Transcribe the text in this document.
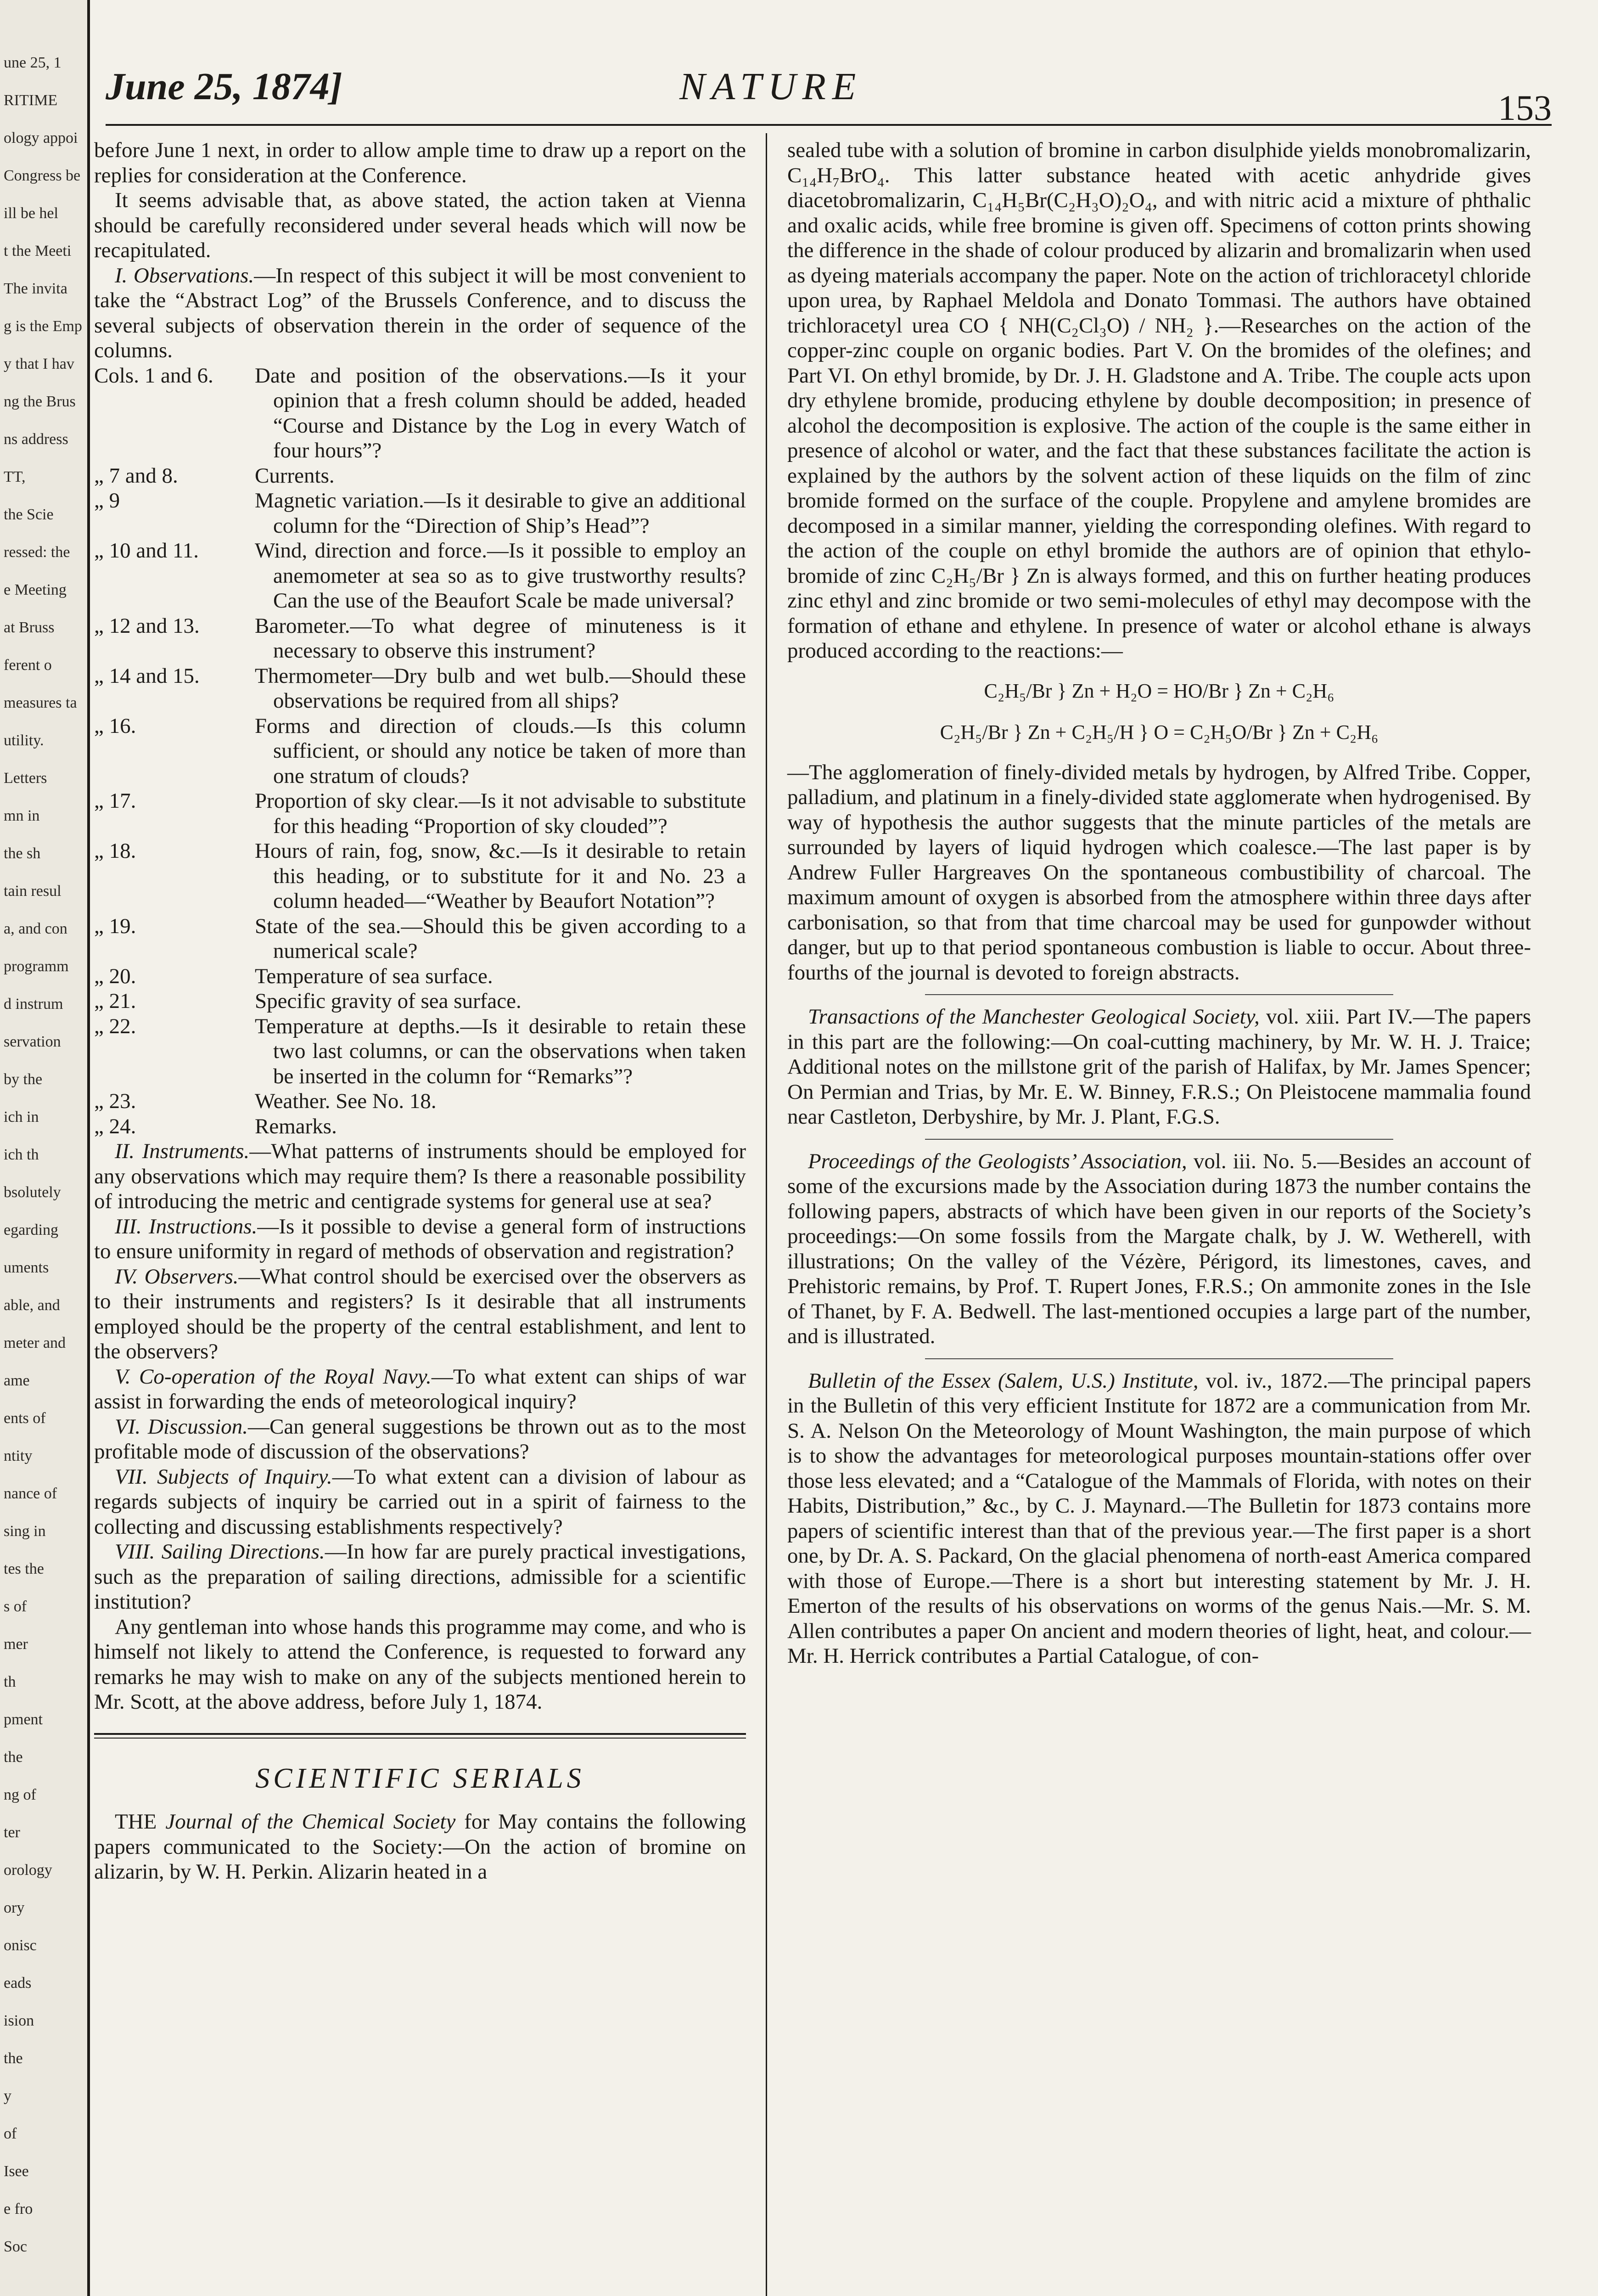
une 25, 1
RITIME
ology appoi
Congress be
ill be hel
t the Meeti
The invita
g is the Emp
y that I hav
ng the Brus
ns address
TT,
the Scie
ressed: the
e Meeting
at Bruss
ferent o
measures ta
utility.
Letters
mn in
the sh
tain resul
a, and con
programm
d instrum
servation
by the
ich in
ich th
bsolutely
egarding
uments
able, and
meter and
ame
ents of
ntity
nance of
sing in
tes the
s of
mer
th
pment
the
ng of
ter
orology
ory
onisc
eads
ision
the
y
of
Isee
e fro
Soc
June 25, 1874]	NATURE	153

before June 1 next, in order to allow ample time to draw up a report on the replies for consideration at the Conference.

It seems advisable that, as above stated, the action taken at Vienna should be carefully reconsidered under several heads which will now be recapitulated.

I. Observations.—In respect of this subject it will be most convenient to take the “Abstract Log” of the Brussels Conference, and to discuss the several subjects of observation therein in the order of sequence of the columns.

Cols. 1 and 6.	Date and position of the observations.—Is it your opinion that a fresh column should be added, headed “Course and Distance by the Log in every Watch of four hours”?
„ 7 and 8.	Currents.
„ 9	Magnetic variation.—Is it desirable to give an additional column for the “Direction of Ship’s Head”?
„ 10 and 11.	Wind, direction and force.—Is it possible to employ an anemometer at sea so as to give trustworthy results? Can the use of the Beaufort Scale be made universal?
„ 12 and 13.	Barometer.—To what degree of minuteness is it necessary to observe this instrument?
„ 14 and 15.	Thermometer—Dry bulb and wet bulb.—Should these observations be required from all ships?
„ 16.	Forms and direction of clouds.—Is this column sufficient, or should any notice be taken of more than one stratum of clouds?
„ 17.	Proportion of sky clear.—Is it not advisable to substitute for this heading “Proportion of sky clouded”?
„ 18.	Hours of rain, fog, snow, &c.—Is it desirable to retain this heading, or to substitute for it and No. 23 a column headed—“Weather by Beaufort Notation”?
„ 19.	State of the sea.—Should this be given according to a numerical scale?
„ 20.	Temperature of sea surface.
„ 21.	Specific gravity of sea surface.
„ 22.	Temperature at depths.—Is it desirable to retain these two last columns, or can the observations when taken be inserted in the column for “Remarks”?
„ 23.	Weather. See No. 18.
„ 24.	Remarks.

II. Instruments.—What patterns of instruments should be employed for any observations which may require them? Is there a reasonable possibility of introducing the metric and centigrade systems for general use at sea?

III. Instructions.—Is it possible to devise a general form of instructions to ensure uniformity in regard of methods of observation and registration?

IV. Observers.—What control should be exercised over the observers as to their instruments and registers? Is it desirable that all instruments employed should be the property of the central establishment, and lent to the observers?

V. Co-operation of the Royal Navy.—To what extent can ships of war assist in forwarding the ends of meteorological inquiry?

VI. Discussion.—Can general suggestions be thrown out as to the most profitable mode of discussion of the observations?

VII. Subjects of Inquiry.—To what extent can a division of labour as regards subjects of inquiry be carried out in a spirit of fairness to the collecting and discussing establishments respectively?

VIII. Sailing Directions.—In how far are purely practical investigations, such as the preparation of sailing directions, admissible for a scientific institution?

Any gentleman into whose hands this programme may come, and who is himself not likely to attend the Conference, is requested to forward any remarks he may wish to make on any of the subjects mentioned herein to Mr. Scott, at the above address, before July 1, 1874.

SCIENTIFIC SERIALS

THE Journal of the Chemical Society for May contains the following papers communicated to the Society:—On the action of bromine on alizarin, by W. H. Perkin. Alizarin heated in a

sealed tube with a solution of bromine in carbon disulphide yields monobromalizarin, C₁₄H₇BrO₄. This latter substance heated with acetic anhydride gives diacetobromalizarin, C₁₄H₅Br(C₂H₃O)₂O₄, and with nitric acid a mixture of phthalic and oxalic acids, while free bromine is given off. Specimens of cotton prints showing the difference in the shade of colour produced by alizarin and bromalizarin when used as dyeing materials accompany the paper. Note on the action of trichloracetyl chloride upon urea, by Raphael Meldola and Donato Tommasi. The authors have obtained trichloracetyl urea CO { NH(C₂Cl₃O) / NH₂ }.—Researches on the action of the copper-zinc couple on organic bodies. Part V. On the bromides of the olefines; and Part VI. On ethyl bromide, by Dr. J. H. Gladstone and A. Tribe. The couple acts upon dry ethylene bromide, producing ethylene by double decomposition; in presence of alcohol the decomposition is explosive. The action of the couple is the same either in presence of alcohol or water, and the fact that these substances facilitate the action is explained by the authors by the solvent action of these liquids on the film of zinc bromide formed on the surface of the couple. Propylene and amylene bromides are decomposed in a similar manner, yielding the corresponding olefines. With regard to the action of the couple on ethyl bromide the authors are of opinion that ethylo-bromide of zinc C₂H₅/Br } Zn is always formed, and this on further heating produces zinc ethyl and zinc bromide or two semi-molecules of ethyl may decompose with the formation of ethane and ethylene. In presence of water or alcohol ethane is always produced according to the reactions:—

C₂H₅/Br } Zn + H₂O = HO/Br } Zn + C₂H₆
C₂H₅/Br } Zn + C₂H₅/H } O = C₂H₅O/Br } Zn + C₂H₆

—The agglomeration of finely-divided metals by hydrogen, by Alfred Tribe. Copper, palladium, and platinum in a finely-divided state agglomerate when hydrogenised. By way of hypothesis the author suggests that the minute particles of the metals are surrounded by layers of liquid hydrogen which coalesce.—The last paper is by Andrew Fuller Hargreaves On the spontaneous combustibility of charcoal. The maximum amount of oxygen is absorbed from the atmosphere within three days after carbonisation, so that from that time charcoal may be used for gunpowder without danger, but up to that period spontaneous combustion is liable to occur. About three-fourths of the journal is devoted to foreign abstracts.

Transactions of the Manchester Geological Society, vol. xiii. Part IV.—The papers in this part are the following:—On coal-cutting machinery, by Mr. W. H. J. Traice; Additional notes on the millstone grit of the parish of Halifax, by Mr. James Spencer; On Permian and Trias, by Mr. E. W. Binney, F.R.S.; On Pleistocene mammalia found near Castleton, Derbyshire, by Mr. J. Plant, F.G.S.

Proceedings of the Geologists’ Association, vol. iii. No. 5.—Besides an account of some of the excursions made by the Association during 1873 the number contains the following papers, abstracts of which have been given in our reports of the Society’s proceedings:—On some fossils from the Margate chalk, by J. W. Wetherell, with illustrations; On the valley of the Vézère, Périgord, its limestones, caves, and Prehistoric remains, by Prof. T. Rupert Jones, F.R.S.; On ammonite zones in the Isle of Thanet, by F. A. Bedwell. The last-mentioned occupies a large part of the number, and is illustrated.

Bulletin of the Essex (Salem, U.S.) Institute, vol. iv., 1872.—The principal papers in the Bulletin of this very efficient Institute for 1872 are a communication from Mr. S. A. Nelson On the Meteorology of Mount Washington, the main purpose of which is to show the advantages for meteorological purposes mountain-stations offer over those less elevated; and a “Catalogue of the Mammals of Florida, with notes on their Habits, Distribution,” &c., by C. J. Maynard.—The Bulletin for 1873 contains more papers of scientific interest than that of the previous year.—The first paper is a short one, by Dr. A. S. Packard, On the glacial phenomena of north-east America compared with those of Europe.—There is a short but interesting statement by Mr. J. H. Emerton of the results of his observations on worms of the genus Nais.—Mr. S. M. Allen contributes a paper On ancient and modern theories of light, heat, and colour.—Mr. H. Herrick contributes a Partial Catalogue, of con-
